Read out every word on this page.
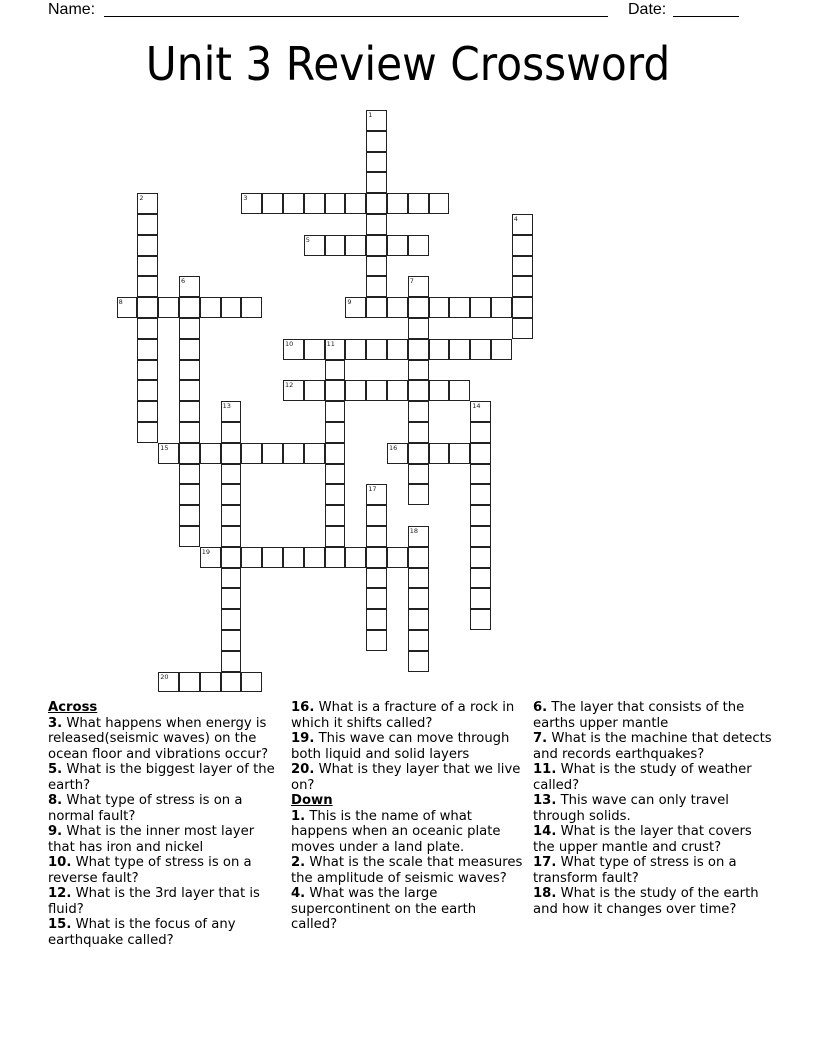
Name:	Date:
Unit 3 Review Crossword
1
2	3
4
5
6	7
8	9
10	11
12
13	14
15	16
17
18
19
20
Across
3. What happens when energy is released(seismic waves) on the ocean floor and vibrations occur?
5. What is the biggest layer of the earth?
8. What type of stress is on a normal fault?
9. What is the inner most layer that has iron and nickel
10. What type of stress is on a reverse fault?
12. What is the 3rd layer that is fluid?
15. What is the focus of any earthquake called?
16. What is a fracture of a rock in which it shifts called?
19. This wave can move through both liquid and solid layers
20. What is they layer that we live on?
Down
1. This is the name of what happens when an oceanic plate moves under a land plate.
2. What is the scale that measures the amplitude of seismic waves?
4. What was the large supercontinent on the earth called?
6. The layer that consists of the earths upper mantle
7. What is the machine that detects and records earthquakes?
11. What is the study of weather called?
13. This wave can only travel through solids.
14. What is the layer that covers the upper mantle and crust?
17. What type of stress is on a transform fault?
18. What is the study of the earth and how it changes over time?
